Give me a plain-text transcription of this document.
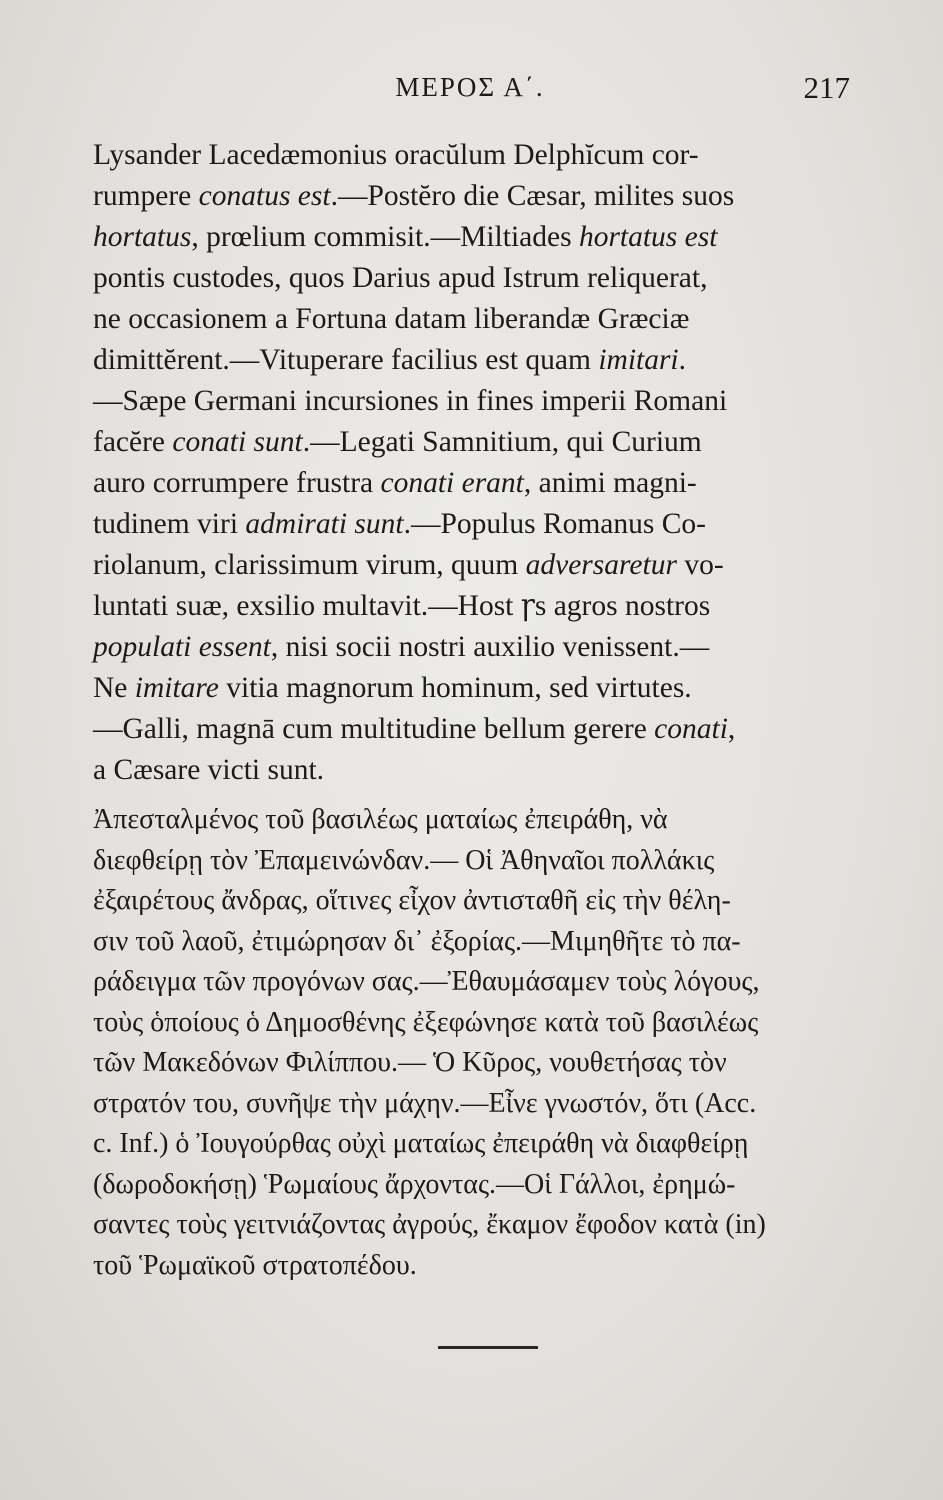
ΜΕΡΟΣ Α΄.	217
Lysander Lacedæmonius oracŭlum Delphĭcum cor-
rumpere conatus est.—Postĕro die Cæsar, milites suos
hortatus, prœlium commisit.—Miltiades hortatus est
pontis custodes, quos Darius apud Istrum reliquerat,
ne occasionem a Fortuna datam liberandæ Græciæ
dimittĕrent.—Vituperare facilius est quam imitari.
—Sæpe Germani incursiones in fines imperii Romani
facĕre conati sunt.—Legati Samnitium, qui Curium
auro corrumpere frustra conati erant, animi magni-
tudinem viri admirati sunt.—Populus Romanus Co-
riolanum, clarissimum virum, quum adversaretur vo-
luntati suæ, exsilio multavit.—Host ꞅs agros nostros
populati essent, nisi socii nostri auxilio venissent.—
Ne imitare vitia magnorum hominum, sed virtutes.
—Galli, magnā cum multitudine bellum gerere conati,
a Cæsare victi sunt.
Ἀπεσταλμένος τοῦ βασιλέως ματαίως ἐπειράθη, νὰ
διεφθείρῃ τὸν Ἐπαμεινώνδαν.— Οἱ Ἀθηναῖοι πολλάκις
ἐξαιρέτους ἄνδρας, οἵτινες εἶχον ἀντισταθῆ εἰς τὴν θέλη-
σιν τοῦ λαοῦ, ἐτιμώρησαν δι᾽ ἐξορίας.—Μιμηθῆτε τὸ πα-
ράδειγμα τῶν προγόνων σας.—Ἐθαυμάσαμεν τοὺς λόγους,
τοὺς ὁποίους ὁ Δημοσθένης ἐξεφώνησε κατὰ τοῦ βασιλέως
τῶν Μακεδόνων Φιλίππου.— Ὁ Κῦρος, νουθετήσας τὸν
στρατόν του, συνῆψε τὴν μάχην.—Εἶνε γνωστόν, ὅτι (Acc.
c. Inf.) ὁ Ἰουγούρθας οὐχὶ ματαίως ἐπειράθη νὰ διαφθείρῃ
(δωροδοκήσῃ) Ῥωμαίους ἄρχοντας.—Οἱ Γάλλοι, ἐρημώ-
σαντες τοὺς γειτνιάζοντας ἀγρούς, ἔκαμον ἔφοδον κατὰ (in)
τοῦ Ῥωμαϊκοῦ στρατοπέδου.
